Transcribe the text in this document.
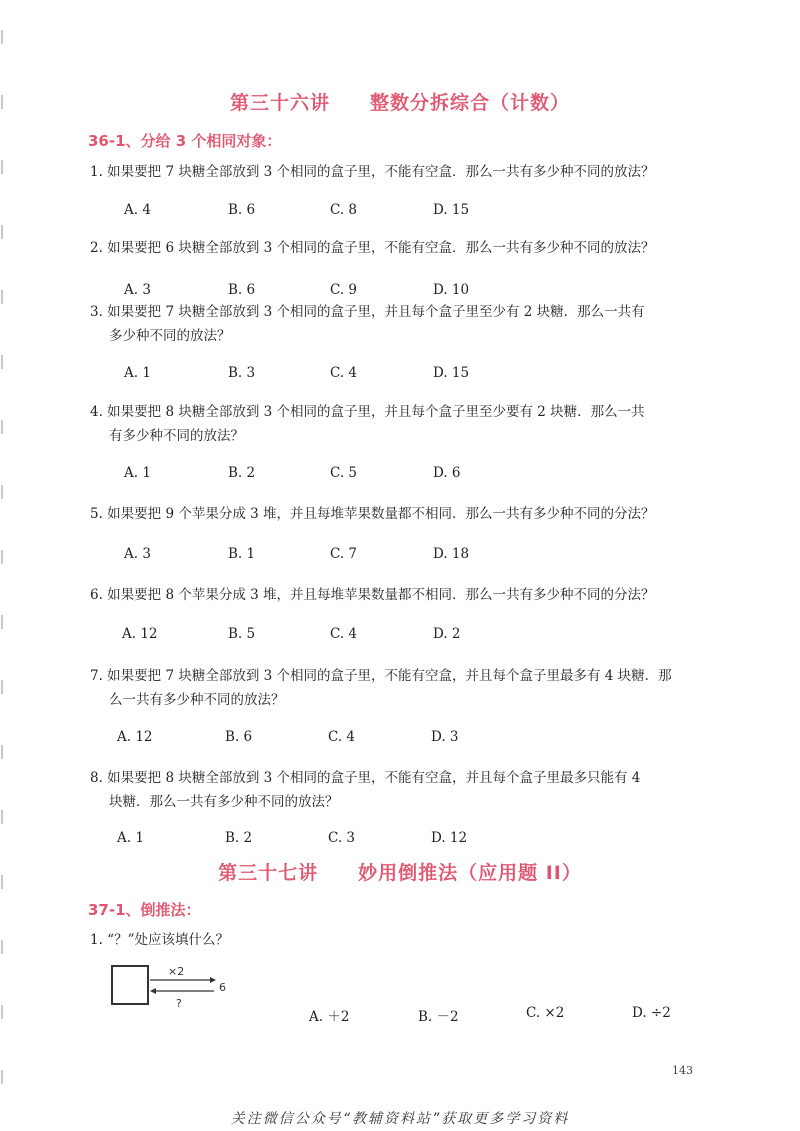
第三十六讲　　整数分拆综合（计数）
36-1、分给 3 个相同对象：
1. 如果要把 7 块糖全部放到 3 个相同的盒子里，不能有空盒．那么一共有多少种不同的放法？
A. 4	B. 6	C. 8	D. 15
2. 如果要把 6 块糖全部放到 3 个相同的盒子里，不能有空盒．那么一共有多少种不同的放法？
A. 3	B. 6	C. 9	D. 10
3. 如果要把 7 块糖全部放到 3 个相同的盒子里，并且每个盒子里至少有 2 块糖．那么一共有
多少种不同的放法？
A. 1	B. 3	C. 4	D. 15
4. 如果要把 8 块糖全部放到 3 个相同的盒子里，并且每个盒子里至少要有 2 块糖．那么一共
有多少种不同的放法？
A. 1	B. 2	C. 5	D. 6
5. 如果要把 9 个苹果分成 3 堆，并且每堆苹果数量都不相同．那么一共有多少种不同的分法？
A. 3	B. 1	C. 7	D. 18
6. 如果要把 8 个苹果分成 3 堆，并且每堆苹果数量都不相同．那么一共有多少种不同的分法？
A. 12	B. 5	C. 4	D. 2
7. 如果要把 7 块糖全部放到 3 个相同的盒子里，不能有空盒，并且每个盒子里最多有 4 块糖．那
么一共有多少种不同的放法？
A. 12	B. 6	C. 4	D. 3
8. 如果要把 8 块糖全部放到 3 个相同的盒子里，不能有空盒，并且每个盒子里最多只能有 4
块糖．那么一共有多少种不同的放法？
A. 1	B. 2	C. 3	D. 12
第三十七讲　　妙用倒推法（应用题 II）
37-1、倒推法：
1. “？”处应该填什么？
×2
6
?
A. ＋2	B. －2	C. ×2	D. ÷2
143
关注微信公众号“教辅资料站”获取更多学习资料
